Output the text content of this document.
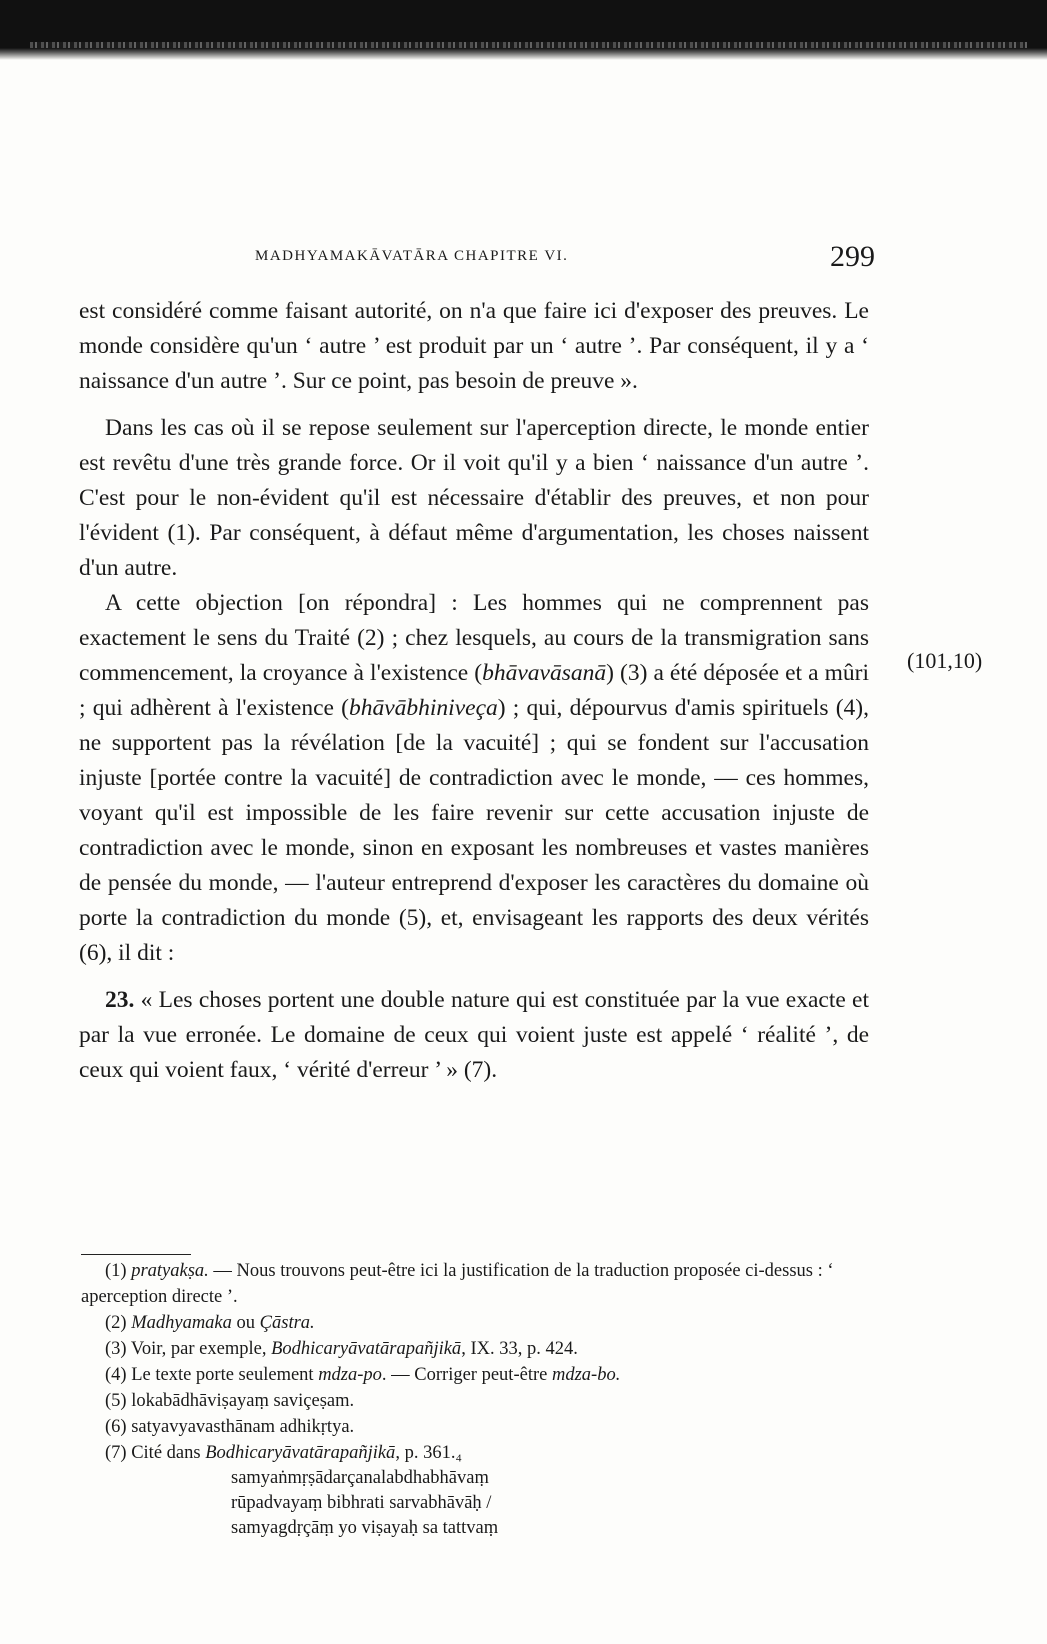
MADHYAMAKĀVATĀRA CHAPITRE VI.	299
(101,10)

est considéré comme faisant autorité, on n'a que faire ici d'exposer des preuves. Le monde considère qu'un ‘ autre ’ est produit par un ‘ autre ’. Par conséquent, il y a ‘ naissance d'un autre ’. Sur ce point, pas besoin de preuve ».

Dans les cas où il se repose seulement sur l'aperception directe, le monde entier est revêtu d'une très grande force. Or il voit qu'il y a bien ‘ naissance d'un autre ’. C'est pour le non-évident qu'il est nécessaire d'établir des preuves, et non pour l'évident (1). Par conséquent, à défaut même d'argumentation, les choses naissent d'un autre.

A cette objection [on répondra] : Les hommes qui ne comprennent pas exactement le sens du Traité (2) ; chez lesquels, au cours de la transmigration sans commencement, la croyance à l'existence (bhāvavāsanā) (3) a été déposée et a mûri ; qui adhèrent à l'existence (bhāvābhiniveça) ; qui, dépourvus d'amis spirituels (4), ne supportent pas la révélation [de la vacuité] ; qui se fondent sur l'accusation injuste [portée contre la vacuité] de contradiction avec le monde, — ces hommes, voyant qu'il est impossible de les faire revenir sur cette accusation injuste de contradiction avec le monde, sinon en exposant les nombreuses et vastes manières de pensée du monde, — l'auteur entreprend d'exposer les caractères du domaine où porte la contradiction du monde (5), et, envisageant les rapports des deux vérités (6), il dit :

23. « Les choses portent une double nature qui est constituée par la vue exacte et par la vue erronée. Le domaine de ceux qui voient juste est appelé ‘ réalité ’, de ceux qui voient faux, ‘ vérité d'erreur ’ » (7).

(1) pratyakṣa. — Nous trouvons peut-être ici la justification de la traduction proposée ci-dessus : ‘ aperception directe ’.

(2) Madhyamaka ou Çāstra.

(3) Voir, par exemple, Bodhicaryāvatārapañjikā, IX. 33, p. 424.

(4) Le texte porte seulement mdza-po. — Corriger peut-être mdza-bo.

(5) lokabādhāviṣayaṃ saviçeṣam.

(6) satyavyavasthānam adhikṛtya.

(7) Cité dans Bodhicaryāvatārapañjikā, p. 361.₄

samyaṅmṛṣādarçanalabdhabhāvaṃ
rūpadvayaṃ bibhrati sarvabhāvāḥ /
samyagdṛçāṃ yo viṣayaḥ sa tattvaṃ
